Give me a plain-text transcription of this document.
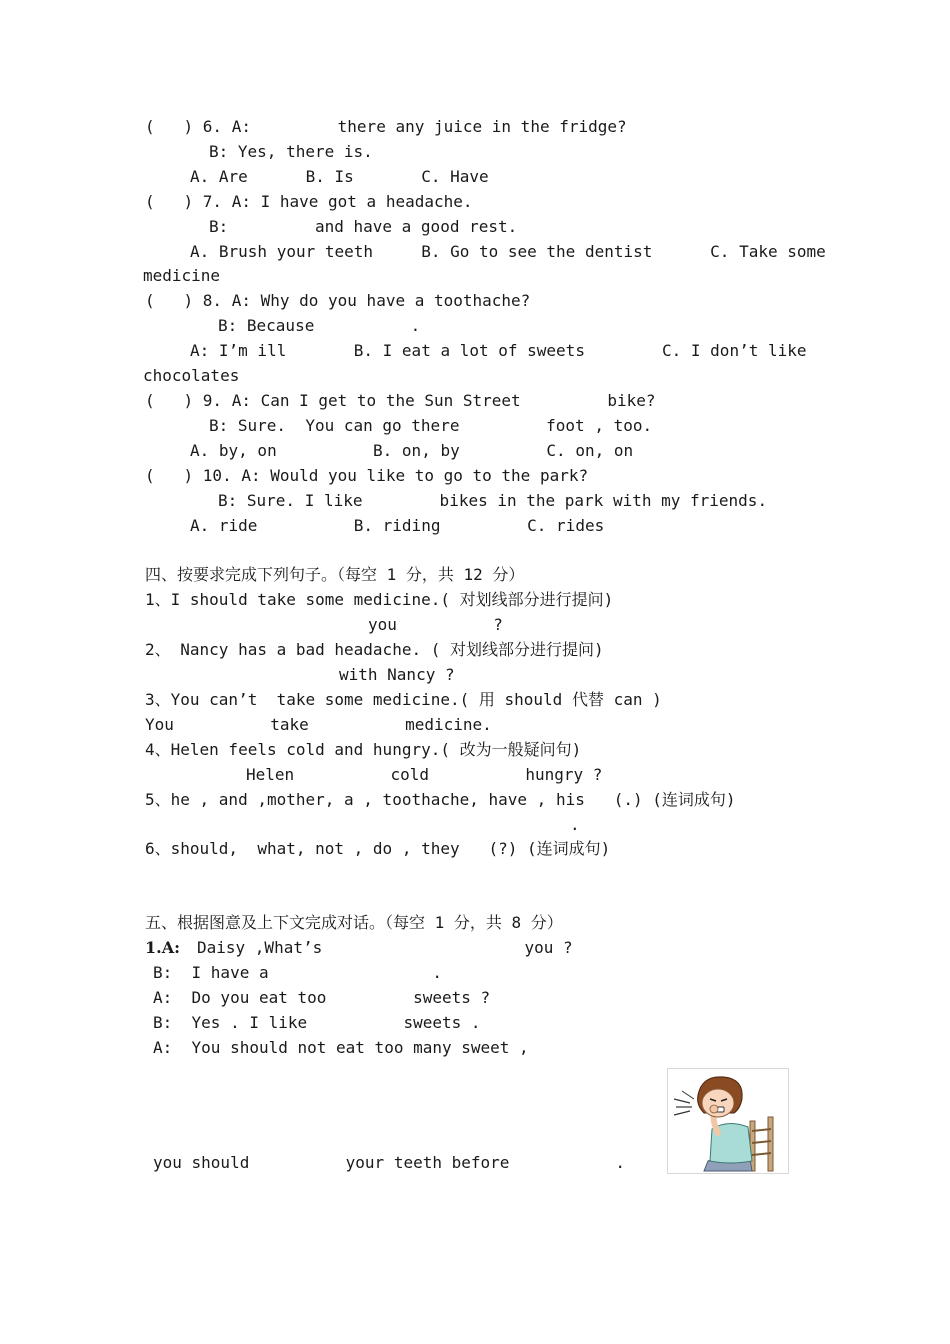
(   ) 6. A:         there any juice in the fridge?
B: Yes, there is.
A. Are      B. Is       C. Have
(   ) 7. A: I have got a headache.
B:         and have a good rest.
A. Brush your teeth     B. Go to see the dentist      C. Take some
medicine
(   ) 8. A: Why do you have a toothache?
B: Because          .
A: I’m ill       B. I eat a lot of sweets        C. I don’t like
chocolates
(   ) 9. A: Can I get to the Sun Street         bike?
B: Sure.  You can go there         foot , too.
A. by, on          B. on, by         C. on, on
(   ) 10. A: Would you like to go to the park?
B: Sure. I like        bikes in the park with my friends.
A. ride          B. riding         C. rides
四、按要求完成下列句子。（每空 1 分，共 12 分）
1、I should take some medicine.( 对划线部分进行提问)
you          ?
2、 Nancy has a bad headache. ( 对划线部分进行提问)
with Nancy ?
3、You can’t  take some medicine.( 用 should 代替 can )
You          take          medicine.
4、Helen feels cold and hungry.( 改为一般疑问句)
Helen          cold          hungry ?
5、he , and ,mother, a , toothache, have , his   (.) (连词成句)
.
6、should,  what, not , do , they   (?) (连词成句)
五、根据图意及上下文完成对话。（每空 1 分，共 8 分）
1.A: Daisy ,What’s                     you ?
B:  I have a                 .
A:  Do you eat too         sweets ?
B:  Yes . I like          sweets .
A:  You should not eat too many sweet ,
you should          your teeth before           .
